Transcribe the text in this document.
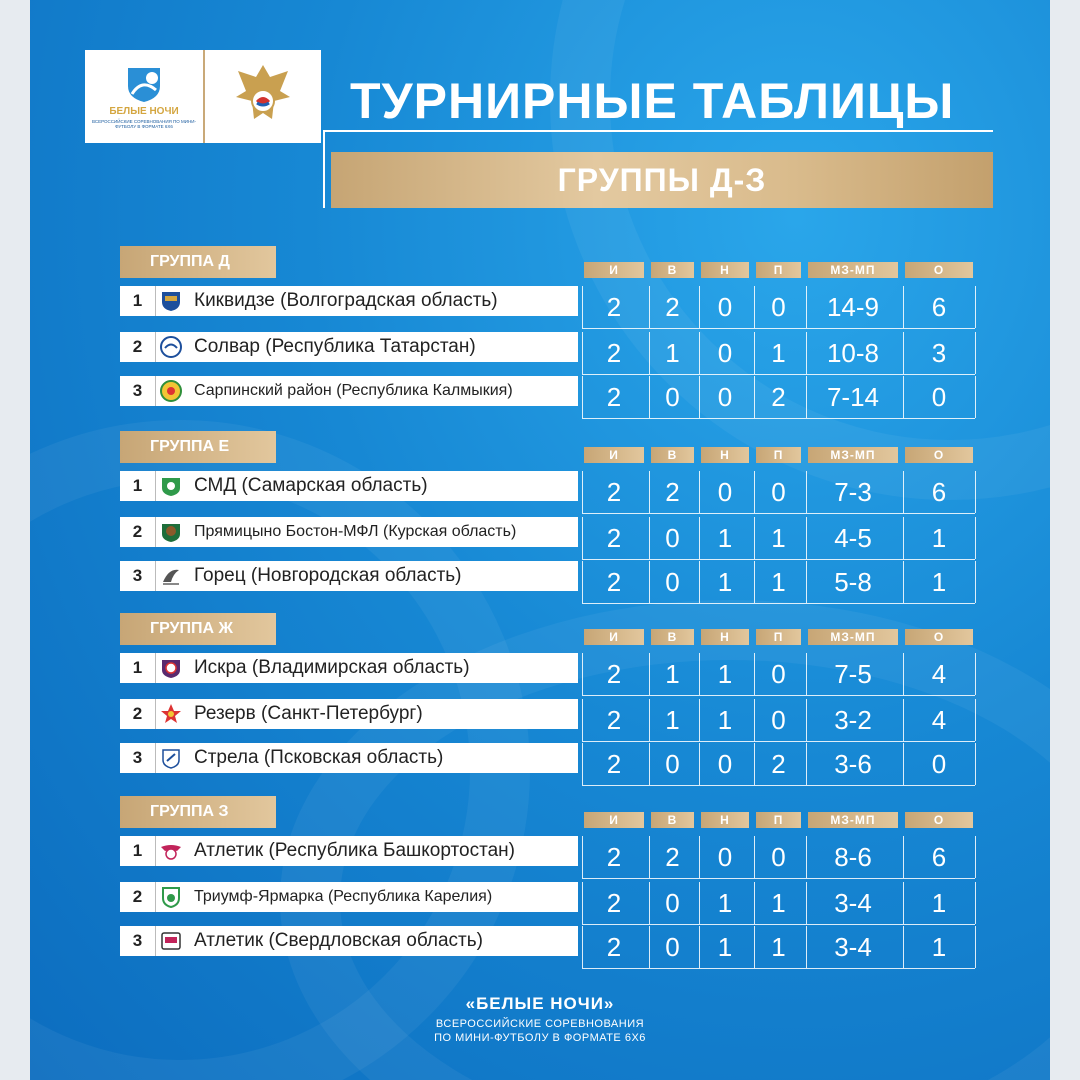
БЕЛЫЕ НОЧИ
ВСЕРОССИЙСКИЕ СОРЕВНОВАНИЯ ПО МИНИ-ФУТБОЛУ В ФОРМАТЕ 6Х6	ТУРНИРНЫЕ ТАБЛИЦЫ
ГРУППЫ Д-З
ГРУППА Д	И	В	Н	П	МЗ-МП	О
1	Киквидзе (Волгоградская область)	2	2	0	0	14-9	6
2	Солвар (Республика Татарстан)	2	1	0	1	10-8	3
3	Сарпинский район (Республика Калмыкия)	2	0	0	2	7-14	0
ГРУППА Е	И	В	Н	П	МЗ-МП	О
1	СМД (Самарская область)	2	2	0	0	7-3	6
2	Прямицыно Бостон-МФЛ (Курская область)	2	0	1	1	4-5	1
3	Горец (Новгородская область)	2	0	1	1	5-8	1
ГРУППА Ж	И	В	Н	П	МЗ-МП	О
1	Искра (Владимирская область)	2	1	1	0	7-5	4
2	Резерв (Санкт-Петербург)	2	1	1	0	3-2	4
3	Стрела (Псковская область)	2	0	0	2	3-6	0
ГРУППА З	И	В	Н	П	МЗ-МП	О
1	Атлетик (Республика Башкортостан)	2	2	0	0	8-6	6
2	Триумф-Ярмарка (Республика Карелия)	2	0	1	1	3-4	1
3	Атлетик (Свердловская область)	2	0	1	1	3-4	1
«БЕЛЫЕ НОЧИ»
ВСЕРОССИЙСКИЕ СОРЕВНОВАНИЯ
ПО МИНИ-ФУТБОЛУ В ФОРМАТЕ 6Х6
